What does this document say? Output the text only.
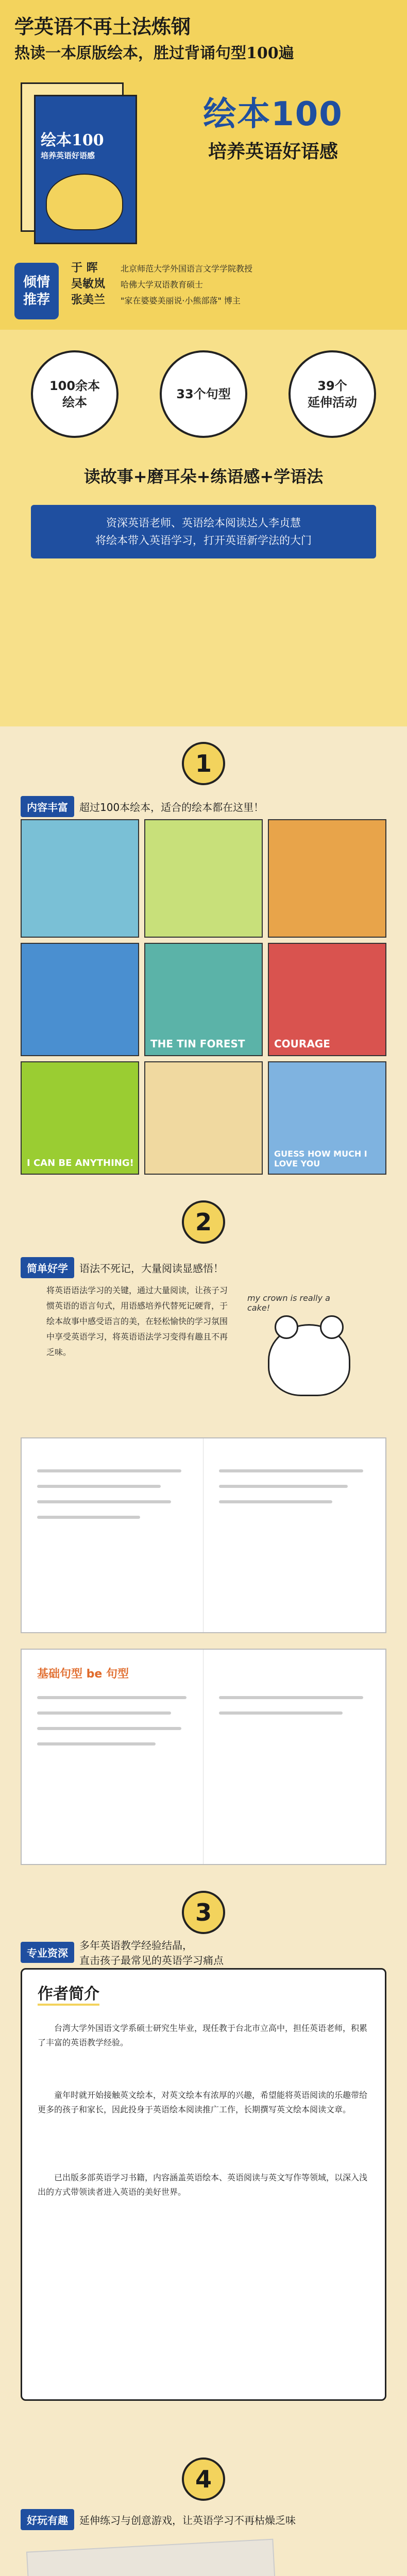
学英语不再土法炼钢
热读一本原版绘本，胜过背诵句型100遍
绘本100
培养英语好语感
绘本100
培养英语好语感
倾情推荐
于 晖	北京师范大学外国语言文学学院教授
吴敏岚 哈佛大学双语教育硕士
张美兰 "家在婆婆美丽说·小熊部落" 博主
100余本
绘本
33个句型
39个
延伸活动
读故事+磨耳朵+练语感+学语法
资深英语老师、英语绘本阅读达人李贞慧
将绘本带入英语学习，打开英语新学法的大门
1
内容丰富	超过100本绘本，适合的绘本都在这里！
THE TIN FOREST	COURAGE
I CAN BE ANYTHING!
GUESS HOW MUCH I LOVE YOU
2
简单好学	语法不死记，大量阅读显感悟！
将英语语法学习的关键，通过大量阅读，让孩子习惯英语的语言句式，用语感培养代替死记硬背，于绘本故事中感受语言的美，在轻松愉快的学习氛围中享受英语学习，将英语语法学习变得有趣且不再乏味。
my crown is really a cake!
基础句型 be 句型
3
专业资深
多年英语教学经验结晶，
直击孩子最常见的英语学习痛点
作者简介
台湾大学外国语文学系硕士研究生毕业，现任教于台北市立高中，担任英语老师，积累了丰富的英语教学经验。
童年时就开始接触英文绘本，对英文绘本有浓厚的兴趣，希望能将英语阅读的乐趣带给更多的孩子和家长，因此投身于英语绘本阅读推广工作，长期撰写英文绘本阅读文章。
已出版多部英语学习书籍，内容涵盖英语绘本、英语阅读与英文写作等领域，以深入浅出的方式带领读者进入英语的美好世界。
4
好玩有趣	延伸练习与创意游戏，让英语学习不再枯燥乏味
